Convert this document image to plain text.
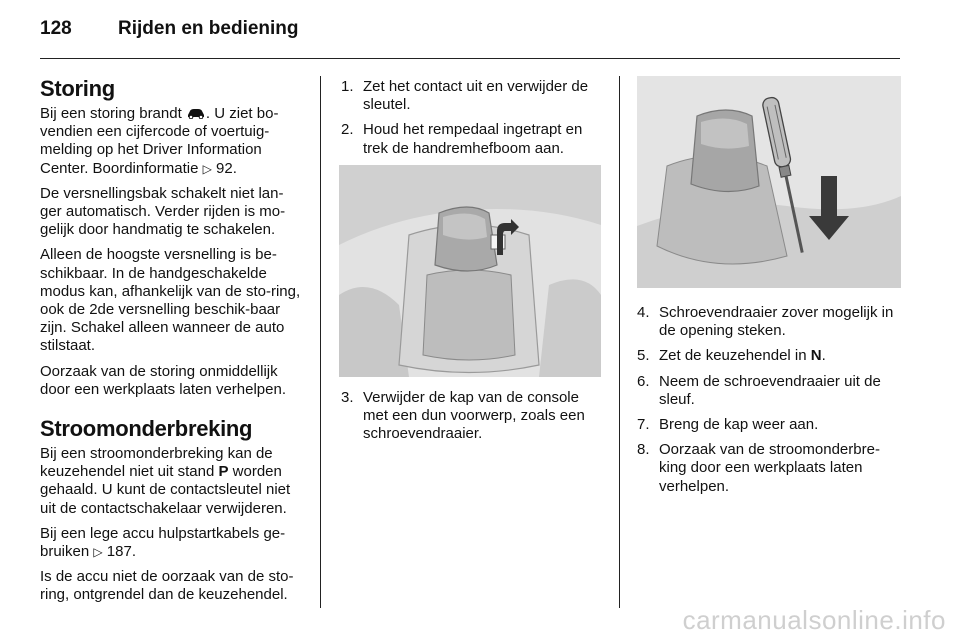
128 Rijden en bediening
Storing

Bij een storing brandt . U ziet bo-vendien een cijfercode of voertuig-melding op het Driver Information Center. Boordinformatie ▷ 92.

De versnellingsbak schakelt niet lan-ger automatisch. Verder rijden is mo-gelijk door handmatig te schakelen.

Alleen de hoogste versnelling is be-schikbaar. In de handgeschakelde modus kan, afhankelijk van de sto-ring, ook de 2de versnelling beschik-baar zijn. Schakel alleen wanneer de auto stilstaat.

Oorzaak van de storing onmiddellijk door een werkplaats laten verhelpen.

Stroomonderbreking

Bij een stroomonderbreking kan de keuzehendel niet uit stand P worden gehaald. U kunt de contactsleutel niet uit de contactschakelaar verwijderen.

Bij een lege accu hulpstartkabels ge-bruiken ▷ 187.

Is de accu niet de oorzaak van de sto-ring, ontgrendel dan de keuzehendel.

1. Zet het contact uit en verwijder de sleutel.
2. Houd het rempedaal ingetrapt en trek de handremhefboom aan.
3. Verwijder de kap van de console met een dun voorwerp, zoals een schroevendraaier.
4. Schroevendraaier zover mogelijk in de opening steken.
5. Zet de keuzehendel in N.
6. Neem de schroevendraaier uit de sleuf.
7. Breng de kap weer aan.
8. Oorzaak van de stroomonderbre-king door een werkplaats laten verhelpen.
carmanualsonline.info
